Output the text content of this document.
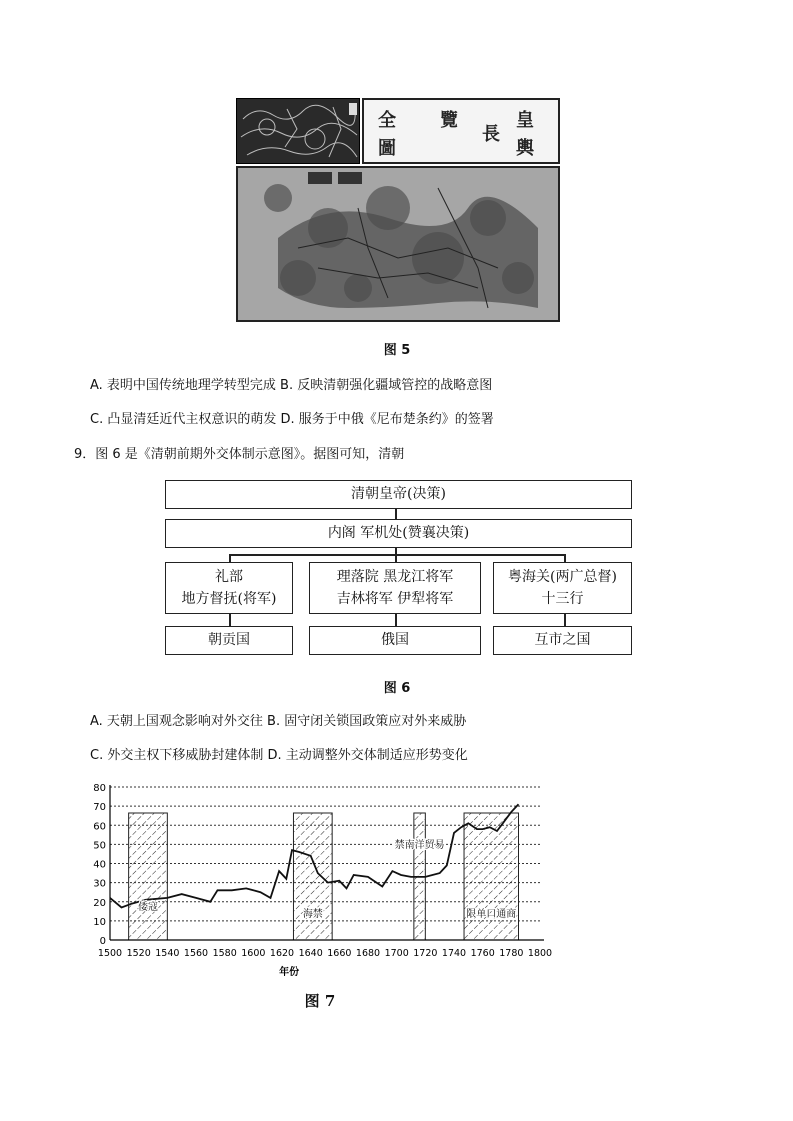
皇
輿
全 覽
圖
長
图 5
A. 表明中国传统地理学转型完成 B. 反映清朝强化疆域管控的战略意图
C. 凸显清廷近代主权意识的萌发 D. 服务于中俄《尼布楚条约》的签署
9．图 6 是《清朝前期外交体制示意图》。据图可知，清朝
清朝皇帝(决策)
内阁 军机处(赞襄决策)
礼部
地方督抚(将军)
理落院 黑龙江将军
吉林将军 伊犁将军
粤海关(两广总督)
十三行
朝贡国	俄国	互市之国
图 6
A. 天朝上国观念影响对外交往 B. 固守闭关锁国政策应对外来威胁
C. 外交主权下移威胁封建体制 D. 主动调整外交体制适应形势变化
0
10
20
30
40
50
60
70
80
1500 1520 1540 1560 1580 1600 1620 1640 1660 1680 1700 1720 1740 1760 1780 1800
年份
倭寇
海禁
禁南洋贸易
限单口通商
图 7
